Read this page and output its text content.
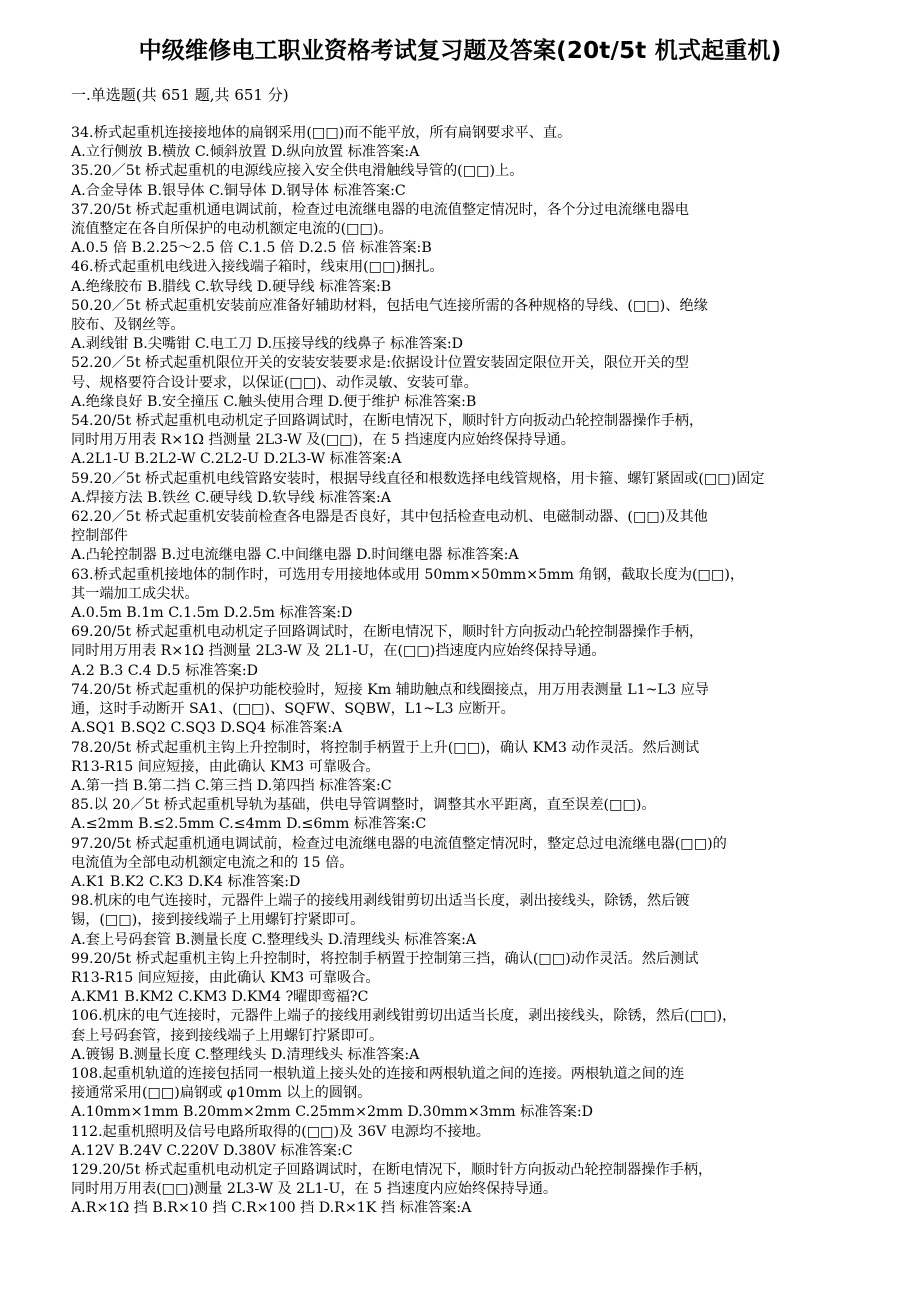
中级维修电工职业资格考试复习题及答案(20t/5t 机式起重机)
一.单选题(共 651 题,共 651 分)
34.桥式起重机连接接地体的扁钢采用(□□)而不能平放，所有扁钢要求平、直。
A.立行侧放 B.横放 C.倾斜放置 D.纵向放置 标准答案:A
35.20／5t 桥式起重机的电源线应接入安全供电滑触线导管的(□□)上。
A.合金导体 B.银导体 C.铜导体 D.钢导体 标准答案:C
37.20/5t 桥式起重机通电调试前，检查过电流继电器的电流值整定情况时，各个分过电流继电器电
流值整定在各自所保护的电动机额定电流的(□□)。
A.0.5 倍 B.2.25～2.5 倍 C.1.5 倍 D.2.5 倍 标准答案:B
46.桥式起重机电线进入接线端子箱时，线束用(□□)捆扎。
A.绝缘胶布 B.腊线 C.软导线 D.硬导线 标准答案:B
50.20／5t 桥式起重机安装前应准备好辅助材料，包括电气连接所需的各种规格的导线、(□□)、绝缘
胶布、及钢丝等。
A.剥线钳 B.尖嘴钳 C.电工刀 D.压接导线的线鼻子 标准答案:D
52.20／5t 桥式起重机限位开关的安装安装要求是:依据设计位置安装固定限位开关，限位开关的型
号、规格要符合设计要求，以保证(□□)、动作灵敏、安装可靠。
A.绝缘良好 B.安全撞压 C.触头使用合理 D.便于维护 标准答案:B
54.20/5t 桥式起重机电动机定子回路调试时，在断电情况下，顺时针方向扳动凸轮控制器操作手柄，
同时用万用表 R×1Ω 挡测量 2L3-W 及(□□)，在 5 挡速度内应始终保持导通。
A.2L1-U B.2L2-W C.2L2-U D.2L3-W 标准答案:A
59.20／5t 桥式起重机电线管路安装时，根据导线直径和根数选择电线管规格，用卡箍、螺钉紧固或(□□)固定
A.焊接方法 B.铁丝 C.硬导线 D.软导线 标准答案:A
62.20／5t 桥式起重机安装前检查各电器是否良好，其中包括检查电动机、电磁制动器、(□□)及其他
控制部件
A.凸轮控制器 B.过电流继电器 C.中间继电器 D.时间继电器 标准答案:A
63.桥式起重机接地体的制作时，可选用专用接地体或用 50mm×50mm×5mm 角钢，截取长度为(□□)，
其一端加工成尖状。
A.0.5m B.1m C.1.5m D.2.5m 标准答案:D
69.20/5t 桥式起重机电动机定子回路调试时，在断电情况下，顺时针方向扳动凸轮控制器操作手柄，
同时用万用表 R×1Ω 挡测量 2L3-W 及 2L1-U，在(□□)挡速度内应始终保持导通。
A.2 B.3 C.4 D.5 标准答案:D
74.20/5t 桥式起重机的保护功能校验时，短接 Km 辅助触点和线圈接点，用万用表测量 L1~L3 应导
通，这时手动断开 SA1、(□□)、SQFW、SQBW，L1~L3 应断开。
A.SQ1 B.SQ2 C.SQ3 D.SQ4 标准答案:A
78.20/5t 桥式起重机主钩上升控制时，将控制手柄置于上升(□□)，确认 KM3 动作灵活。然后测试
R13-R15 间应短接，由此确认 KM3 可靠吸合。
A.第一挡 B.第二挡 C.第三挡 D.第四挡 标准答案:C
85.以 20／5t 桥式起重机导轨为基础，供电导管调整时，调整其水平距离，直至误差(□□)。
A.≤2mm B.≤2.5mm C.≤4mm D.≤6mm 标准答案:C
97.20/5t 桥式起重机通电调试前，检查过电流继电器的电流值整定情况时，整定总过电流继电器(□□)的
电流值为全部电动机额定电流之和的 15 倍。
A.K1 B.K2 C.K3 D.K4 标准答案:D
98.机床的电气连接时，元器件上端子的接线用剥线钳剪切出适当长度，剥出接线头，除锈，然后镀
锡，(□□)，接到接线端子上用螺钉拧紧即可。
A.套上号码套管 B.测量长度 C.整理线头 D.清理线头 标准答案:A
99.20/5t 桥式起重机主钩上升控制时，将控制手柄置于控制第三挡，确认(□□)动作灵活。然后测试
R13-R15 间应短接，由此确认 KM3 可靠吸合。
A.KM1 B.KM2 C.KM3 D.KM4 ?曜即鸾福?C
106.机床的电气连接时，元器件上端子的接线用剥线钳剪切出适当长度，剥出接线头，除锈，然后(□□)，
套上号码套管，接到接线端子上用螺钉拧紧即可。
A.镀锡 B.测量长度 C.整理线头 D.清理线头 标准答案:A
108.起重机轨道的连接包括同一根轨道上接头处的连接和两根轨道之间的连接。两根轨道之间的连
接通常采用(□□)扁钢或 φ10mm 以上的圆钢。
A.10mm×1mm B.20mm×2mm C.25mm×2mm D.30mm×3mm 标准答案:D
112.起重机照明及信号电路所取得的(□□)及 36V 电源均不接地。
A.12V B.24V C.220V D.380V 标准答案:C
129.20/5t 桥式起重机电动机定子回路调试时，在断电情况下，顺时针方向扳动凸轮控制器操作手柄，
同时用万用表(□□)测量 2L3-W 及 2L1-U，在 5 挡速度内应始终保持导通。
A.R×1Ω 挡 B.R×10 挡 C.R×100 挡 D.R×1K 挡 标准答案:A
